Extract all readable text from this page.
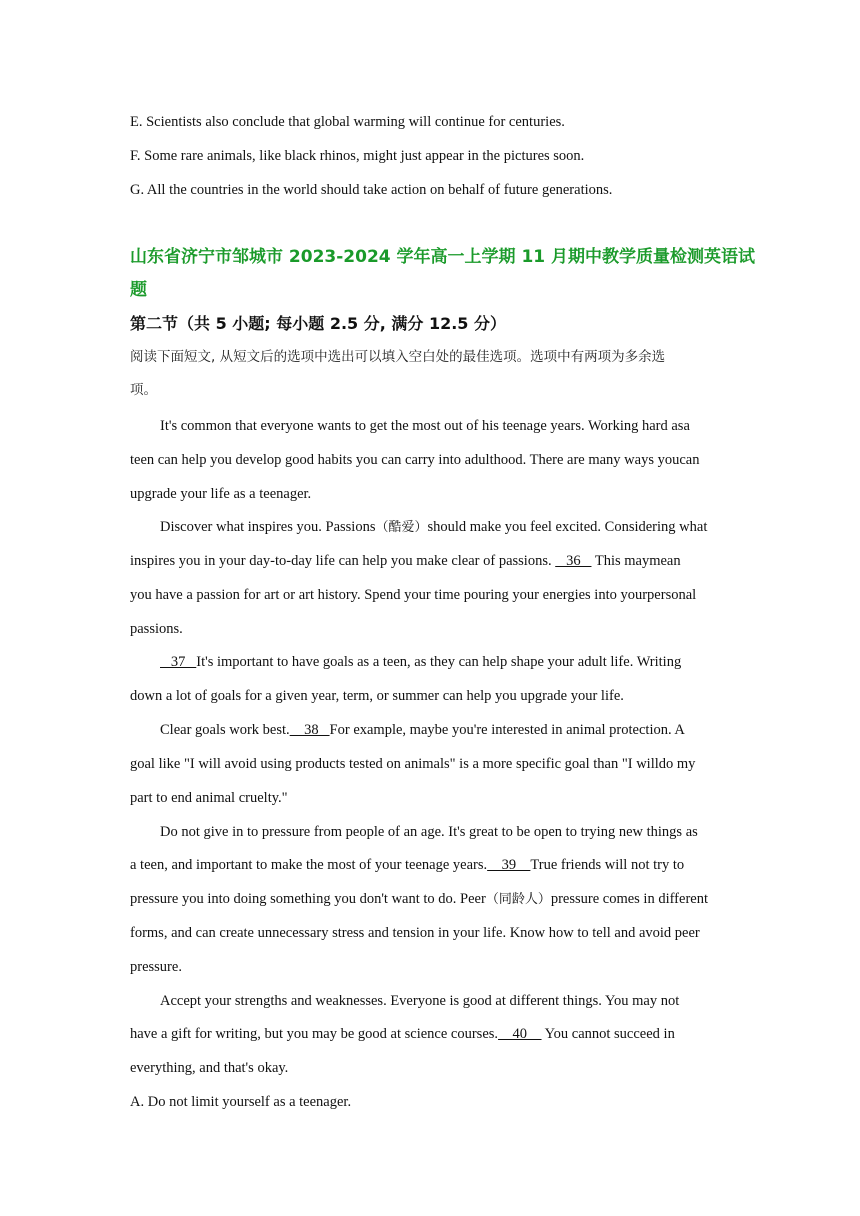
E. Scientists also conclude that global warming will continue for centuries.
F. Some rare animals, like black rhinos, might just appear in the pictures soon.
G. All the countries in the world should take action on behalf of future generations.
山东省济宁市邹城市 2023-2024 学年高一上学期 11 月期中教学质量检测英语试
题
第二节（共 5 小题; 每小题 2.5 分, 满分 12.5 分）
阅读下面短文, 从短文后的选项中选出可以填入空白处的最佳选项。选项中有两项为多余选
项。
It's common that everyone wants to get the most out of his teenage years. Working hard asa
teen can help you develop good habits you can carry into adulthood. There are many ways youcan
upgrade your life as a teenager.
Discover what inspires you. Passions（酷爱）should make you feel excited. Considering what
inspires you in your day-to-day life can help you make clear of passions.    36    This maymean
you have a passion for art or art history. Spend your time pouring your energies into yourpersonal
passions.
37   It's important to have goals as a teen, as they can help shape your adult life. Writing
down a lot of goals for a given year, term, or summer can help you upgrade your life.
Clear goals work best.    38   For example, maybe you're interested in animal protection. A
goal like "I will avoid using products tested on animals" is a more specific goal than "I willdo my
part to end animal cruelty."
Do not give in to pressure from people of an age. It's great to be open to trying new things as
a teen, and important to make the most of your teenage years.    39    True friends will not try to
pressure you into doing something you don't want to do. Peer（同龄人）pressure comes in different
forms, and can create unnecessary stress and tension in your life. Know how to tell and avoid peer
pressure.
Accept your strengths and weaknesses. Everyone is good at different things. You may not
have a gift for writing, but you may be good at science courses.    40     You cannot succeed in
everything, and that's okay.
A. Do not limit yourself as a teenager.
